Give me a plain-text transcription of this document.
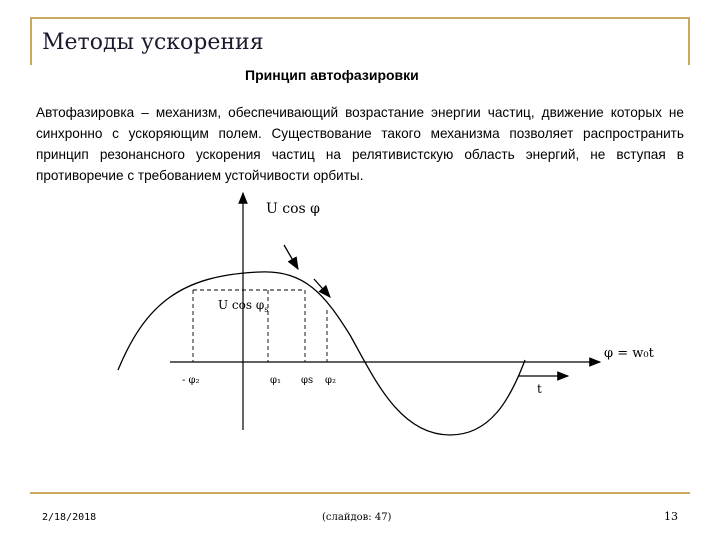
Методы ускорения
Принцип автофазировки
Автофазировка – механизм, обеспечивающий возрастание энергии частиц, движение которых не синхронно с ускоряющим полем. Существование такого механизма позволяет распространить принцип резонансного ускорения частиц на релятивистскую область энергий, не вступая в противоречие с требованием устойчивости орбиты.
U cos φ
U $\cos \varphi_s$
φ = w₀t
t
- φ₂	φ₁ φs φ₂
2/18/2018	(слайдов: 47)	13
